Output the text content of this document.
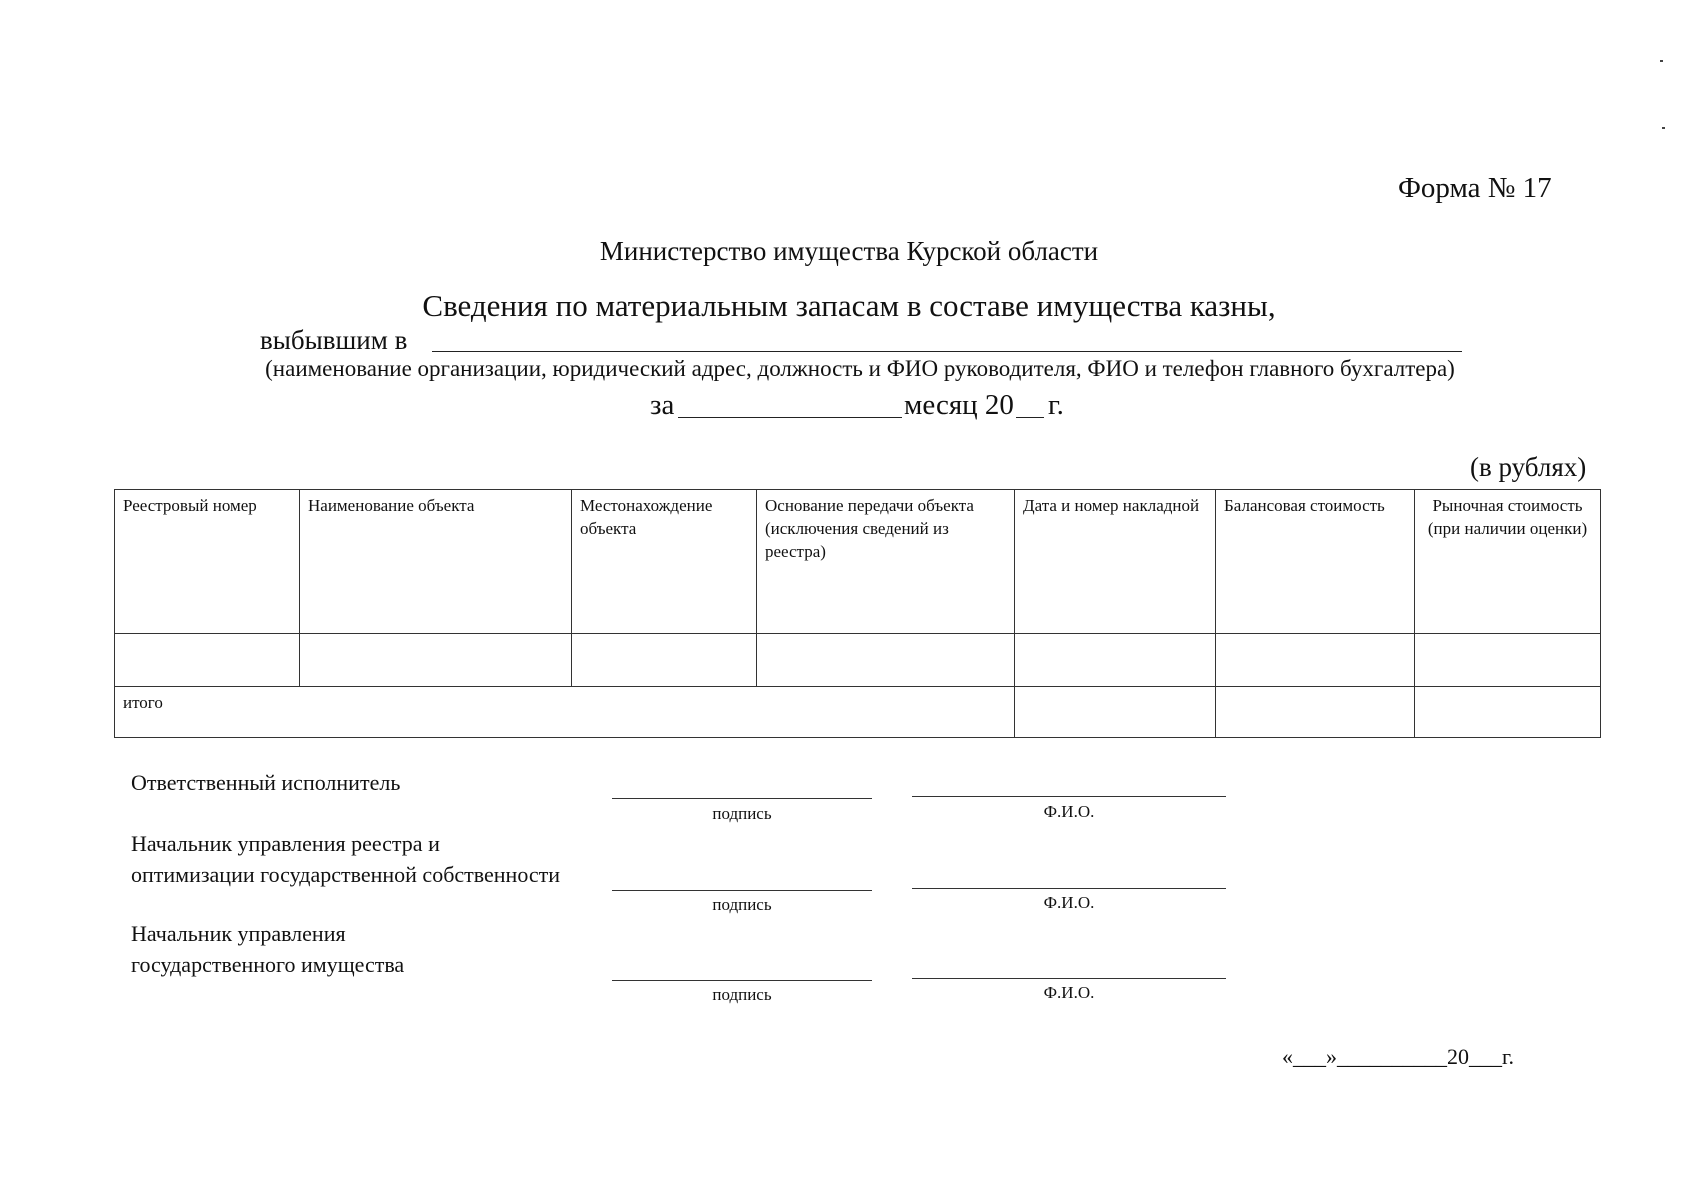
Форма № 17
Министерство имущества Курской области
Сведения по материальным запасам в составе имущества казны,
выбывшим в
(наименование организации, юридический адрес, должность и ФИО руководителя, ФИО и телефон главного бухгалтера)
за	месяц 20 г.
(в рублях)
Реестровый номер	Наименование объекта	Местонахождение объекта	Основание передачи объекта (исключения сведений из реестра)	Дата и номер накладной	Балансовая стоимость	Рыночная стоимость (при наличии оценки)

итого						
Ответственный исполнитель
подпись	Ф.И.О.
Начальник управления реестра и
оптимизации государственной собственности
подпись	Ф.И.О.
Начальник управления
государственного имущества
подпись	Ф.И.О.
«___»__________20___г.
